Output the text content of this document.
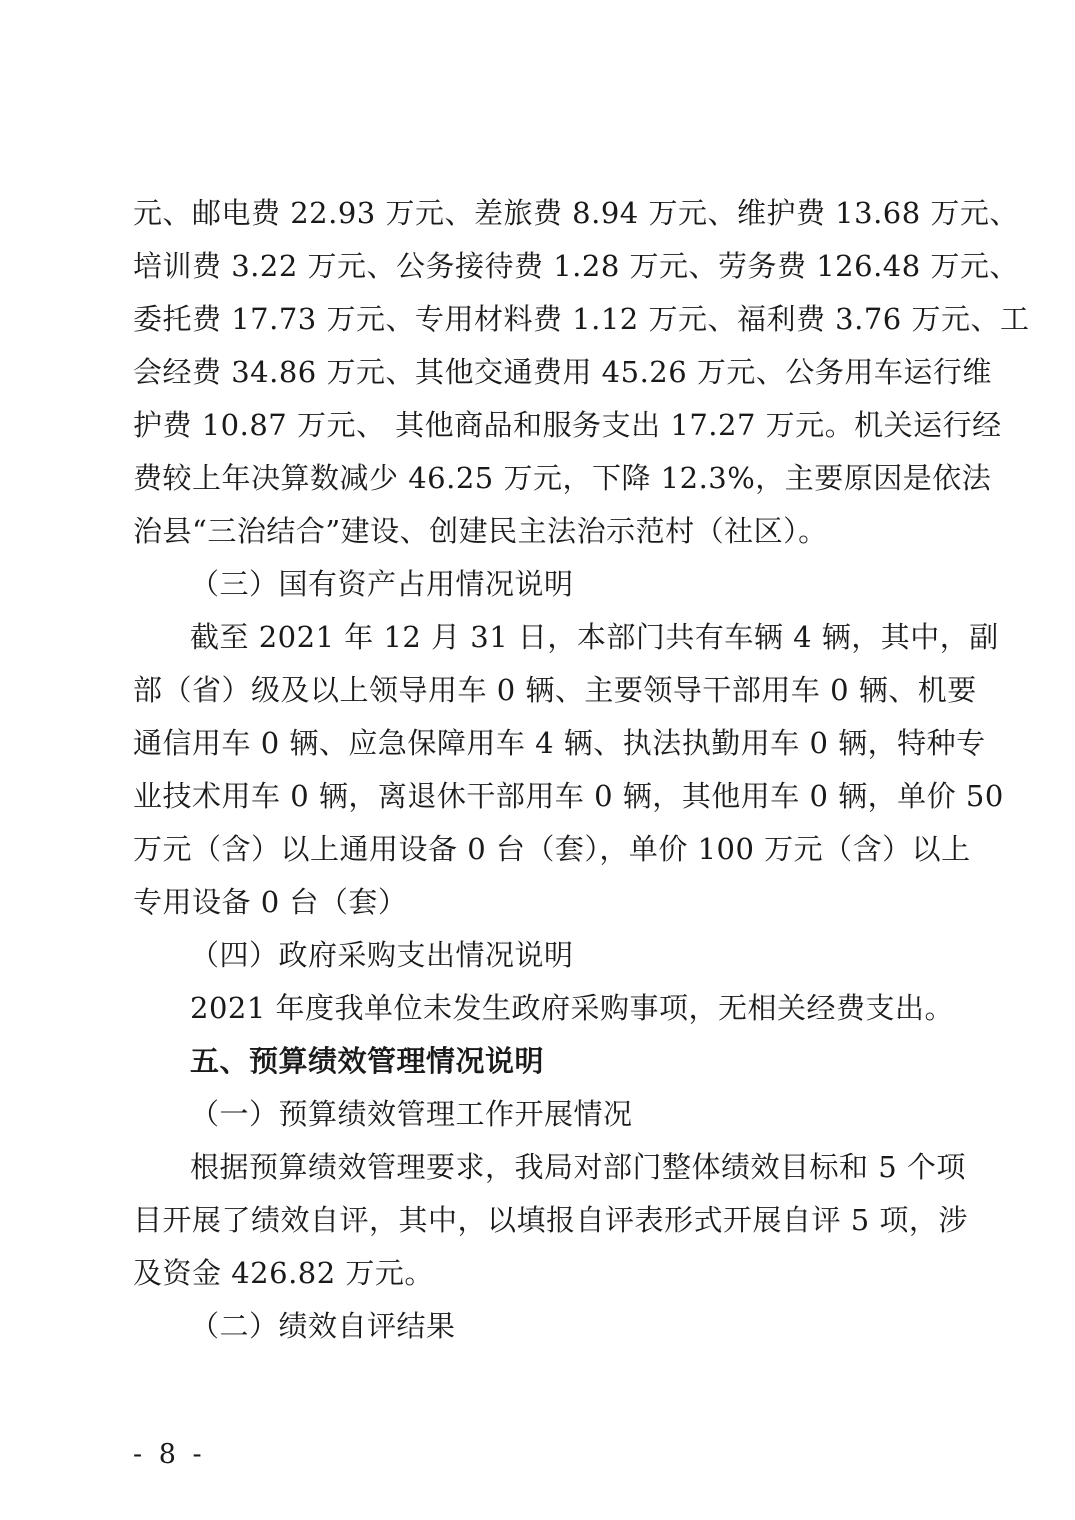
元、邮电费 22.93 万元、差旅费 8.94 万元、维护费 13.68 万元、
培训费 3.22 万元、公务接待费 1.28 万元、劳务费 126.48 万元、
委托费 17.73 万元、专用材料费 1.12 万元、福利费 3.76 万元、工
会经费 34.86 万元、其他交通费用 45.26 万元、公务用车运行维
护费 10.87 万元、 其他商品和服务支出 17.27 万元。机关运行经
费较上年决算数减少 46.25 万元，下降 12.3%，主要原因是依法
治县“三治结合”建设、创建民主法治示范村（社区）。
（三）国有资产占用情况说明
截至 2021 年 12 月 31 日，本部门共有车辆 4 辆，其中，副
部（省）级及以上领导用车 0 辆、主要领导干部用车 0 辆、机要
通信用车 0 辆、应急保障用车 4 辆、执法执勤用车 0 辆，特种专
业技术用车 0 辆，离退休干部用车 0 辆，其他用车 0 辆，单价 50
万元（含）以上通用设备 0 台（套），单价 100 万元（含）以上
专用设备 0 台（套）
（四）政府采购支出情况说明
2021 年度我单位未发生政府采购事项，无相关经费支出。
五、预算绩效管理情况说明
（一）预算绩效管理工作开展情况
根据预算绩效管理要求，我局对部门整体绩效目标和 5 个项
目开展了绩效自评，其中，以填报自评表形式开展自评 5 项，涉
及资金 426.82 万元。
（二）绩效自评结果
- 8 -
